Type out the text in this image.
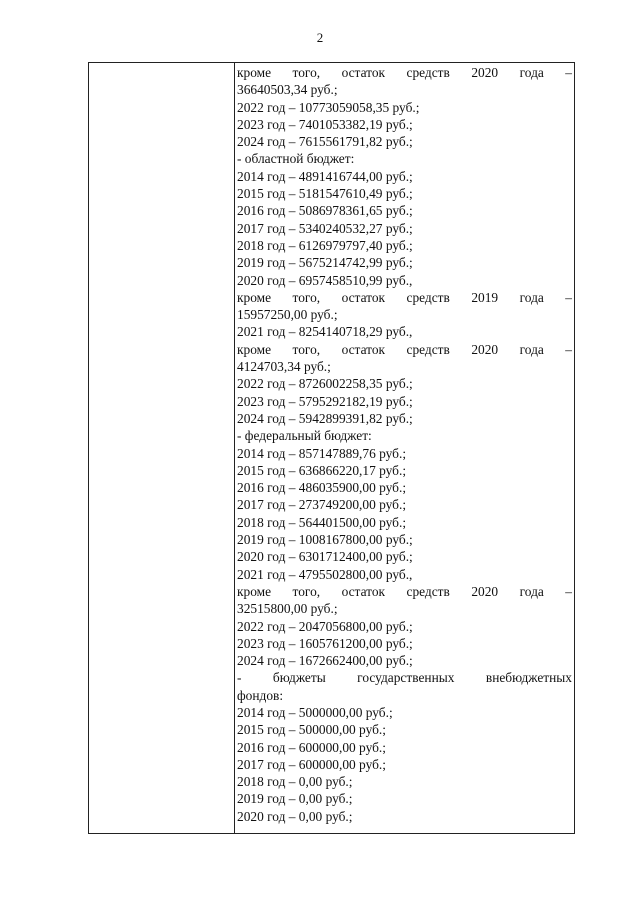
2
кроме того, остаток средств 2020 года –
36640503,34 руб.;
2022 год – 10773059058,35 руб.;
2023 год – 7401053382,19 руб.;
2024 год – 7615561791,82 руб.;
- областной бюджет:
2014 год – 4891416744,00 руб.;
2015 год – 5181547610,49 руб.;
2016 год – 5086978361,65 руб.;
2017 год – 5340240532,27 руб.;
2018 год – 6126979797,40 руб.;
2019 год – 5675214742,99 руб.;
2020 год – 6957458510,99 руб.,
кроме того, остаток средств 2019 года –
15957250,00 руб.;
2021 год – 8254140718,29 руб.,
кроме того, остаток средств 2020 года –
4124703,34 руб.;
2022 год – 8726002258,35 руб.;
2023 год – 5795292182,19 руб.;
2024 год – 5942899391,82 руб.;
- федеральный бюджет:
2014 год – 857147889,76 руб.;
2015 год – 636866220,17 руб.;
2016 год – 486035900,00 руб.;
2017 год – 273749200,00 руб.;
2018 год – 564401500,00 руб.;
2019 год – 1008167800,00 руб.;
2020 год – 6301712400,00 руб.;
2021 год – 4795502800,00 руб.,
кроме того, остаток средств 2020 года –
32515800,00 руб.;
2022 год – 2047056800,00 руб.;
2023 год – 1605761200,00 руб.;
2024 год – 1672662400,00 руб.;
- бюджеты государственных внебюджетных
фондов:
2014 год – 5000000,00 руб.;
2015 год – 500000,00 руб.;
2016 год – 600000,00 руб.;
2017 год – 600000,00 руб.;
2018 год – 0,00 руб.;
2019 год – 0,00 руб.;
2020 год – 0,00 руб.;
